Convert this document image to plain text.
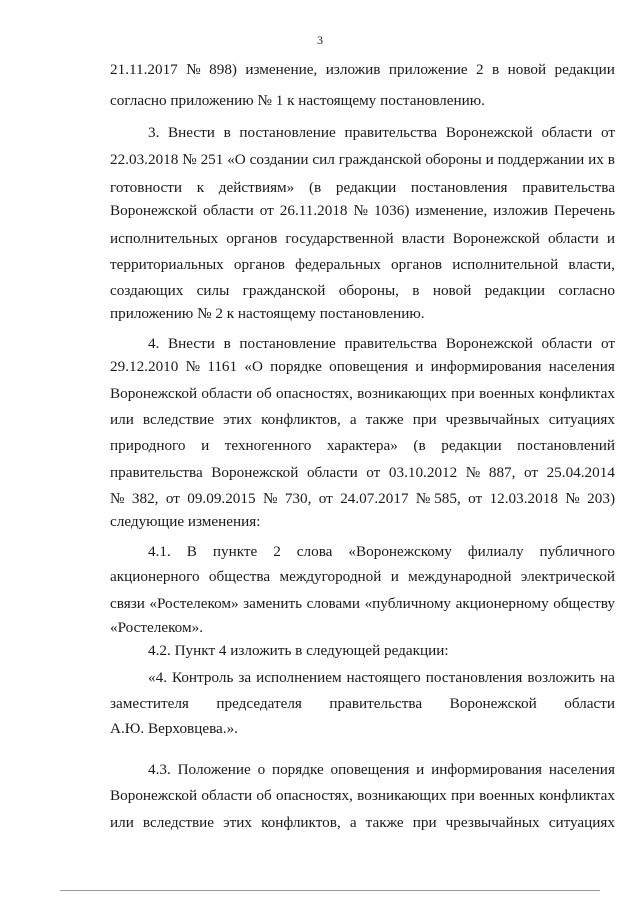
3
21.11.2017 № 898) изменение, изложив приложение 2 в новой редакции
согласно приложению № 1 к настоящему постановлению.
3. Внести в постановление правительства Воронежской области от
22.03.2018 № 251 «О создании сил гражданской обороны и поддержании их в
готовности к действиям» (в редакции постановления правительства
Воронежской области от 26.11.2018 № 1036) изменение, изложив Перечень
исполнительных органов государственной власти Воронежской области и
территориальных органов федеральных органов исполнительной власти,
создающих силы гражданской обороны, в новой редакции согласно
приложению № 2 к настоящему постановлению.
4. Внести в постановление правительства Воронежской области от
29.12.2010 № 1161 «О порядке оповещения и информирования населения
Воронежской области об опасностях, возникающих при военных конфликтах
или вследствие этих конфликтов, а также при чрезвычайных ситуациях
природного и техногенного характера» (в редакции постановлений
правительства Воронежской области от 03.10.2012 № 887, от 25.04.2014
№ 382, от 09.09.2015 № 730, от 24.07.2017 № 585, от 12.03.2018 № 203)
следующие изменения:
4.1. В пункте 2 слова «Воронежскому филиалу публичного
акционерного общества междугородной и международной электрической
связи «Ростелеком» заменить словами «публичному акционерному обществу
«Ростелеком».
4.2. Пункт 4 изложить в следующей редакции:
«4. Контроль за исполнением настоящего постановления возложить на
заместителя председателя правительства Воронежской области
А.Ю. Верховцева.».
4.3. Положение о порядке оповещения и информирования населения
Воронежской области об опасностях, возникающих при военных конфликтах
или вследствие этих конфликтов, а также при чрезвычайных ситуациях
